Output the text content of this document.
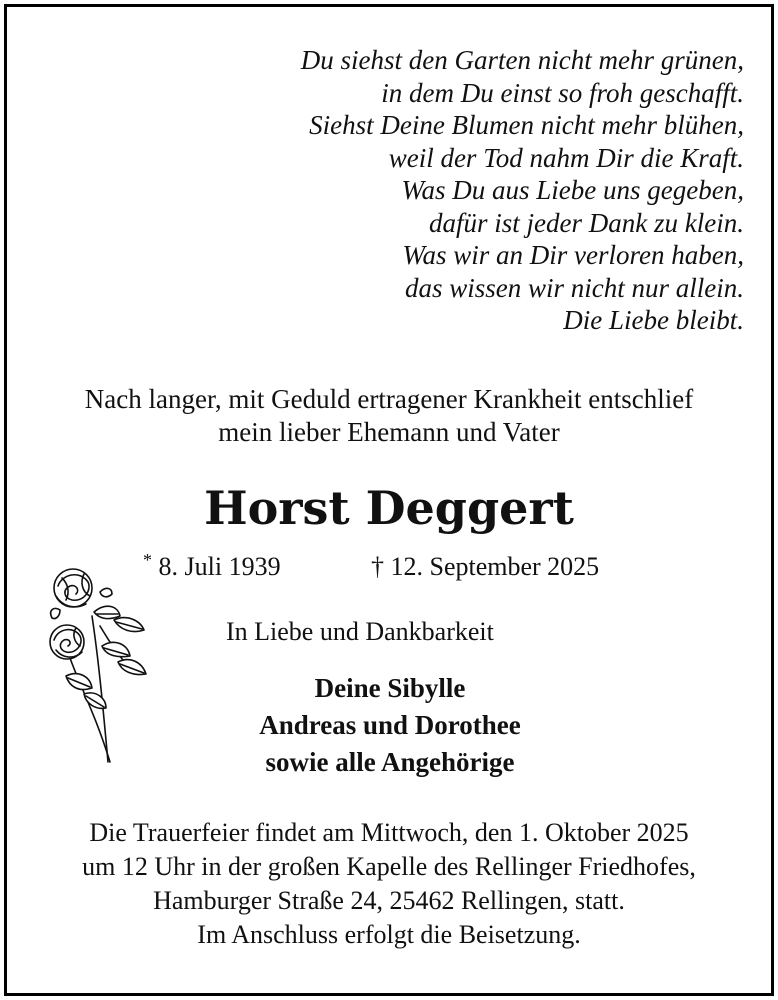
Du siehst den Garten nicht mehr grünen,
in dem Du einst so froh geschafft.
Siehst Deine Blumen nicht mehr blühen,
weil der Tod nahm Dir die Kraft.
Was Du aus Liebe uns gegeben,
dafür ist jeder Dank zu klein.
Was wir an Dir verloren haben,
das wissen wir nicht nur allein.
Die Liebe bleibt.
Nach langer, mit Geduld ertragener Krankheit entschlief
mein lieber Ehemann und Vater
Horst Deggert
* 8. Juli 1939	† 12. September 2025
In Liebe und Dankbarkeit
Deine Sibylle
Andreas und Dorothee
sowie alle Angehörige
Die Trauerfeier findet am Mittwoch, den 1. Oktober 2025
um 12 Uhr in der großen Kapelle des Rellinger Friedhofes,
Hamburger Straße 24, 25462 Rellingen, statt.
Im Anschluss erfolgt die Beisetzung.
